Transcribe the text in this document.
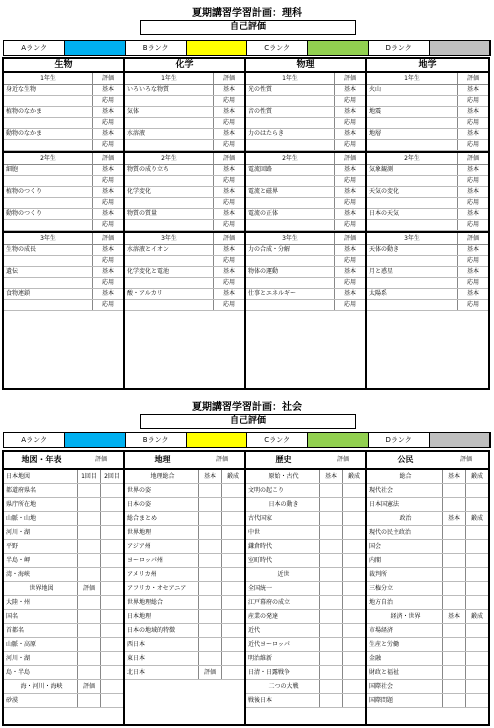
夏期講習学習計画：理科
自己評価
Aランク	Bランク	Cランク	Dランク
生物
1年生	評価
身近な生物	基本
応用
植物のなかま	基本
応用
動物のなかま	基本
応用
2年生	評価
細胞	基本
応用
植物のつくり	基本
応用
動物のつくり	基本
応用
3年生	評価
生物の成長	基本
応用
遺伝	基本
応用
食物連鎖	基本
応用
化学
1年生	評価
いろいろな物質	基本
応用
気体	基本
応用
水溶液	基本
応用
2年生	評価
物質の成り立ち	基本
応用
化学変化	基本
応用
物質の質量	基本
応用
3年生	評価
水溶液とイオン	基本
応用
化学変化と電池	基本
応用
酸・アルカリ	基本
応用
物理
1年生	評価
光の性質	基本
応用
音の性質	基本
応用
力のはたらき	基本
応用
2年生	評価
電流回路	基本
応用
電流と磁界	基本
応用
電流の正体	基本
応用
3年生	評価
力の合成・分解	基本
応用
物体の運動	基本
応用
仕事とエネルギー	基本
応用
地学
1年生	評価
火山	基本
応用
地震	基本
応用
地層	基本
応用
2年生	評価
気象観測	基本
応用
天気の変化	基本
応用
日本の天気	基本
応用
3年生	評価
天体の動き	基本
応用
月と惑星	基本
応用
太陽系	基本
応用
夏期講習学習計画：社会
自己評価
Aランク	Bランク	Cランク	Dランク
地図・年表	評価
日本地図	1回目	2回目
都道府県名
県庁所在地
山脈・山地
河川・湖
平野
半島・岬
湾・海峡
世界地図	評価
大陸・州
国名
首都名
山脈・高原
河川・湖
島・半島
海・河川・海峡	評価
砂漠
地理	評価
地理総合	基本	鍛成
世界の姿
日本の姿
総合まとめ
世界地理
アジア州
ヨーロッパ州
アメリカ州
アフリカ・オセアニア
世界地理総合
日本地理
日本の地域的特徴
西日本
東日本
北日本	評価
歴史	評価
原始・古代	基本	鍛成
文明の起こり
日本の動き
古代国家
中世
鎌倉時代
室町時代
近世
全国統一
江戸幕府の成立
産業の発達
近代
近代ヨーロッパ
明治維新
日清・日露戦争
二つの大戦
戦後日本
公民	評価
総合	基本	鍛成
現代社会
日本国憲法
政治	基本	鍛成
現代の民主政治
国会
内閣
裁判所
三権分立
地方自治
経済・世界	基本	鍛成
市場経済
生産と労働
金融
財政と福祉
国際社会
国際問題
